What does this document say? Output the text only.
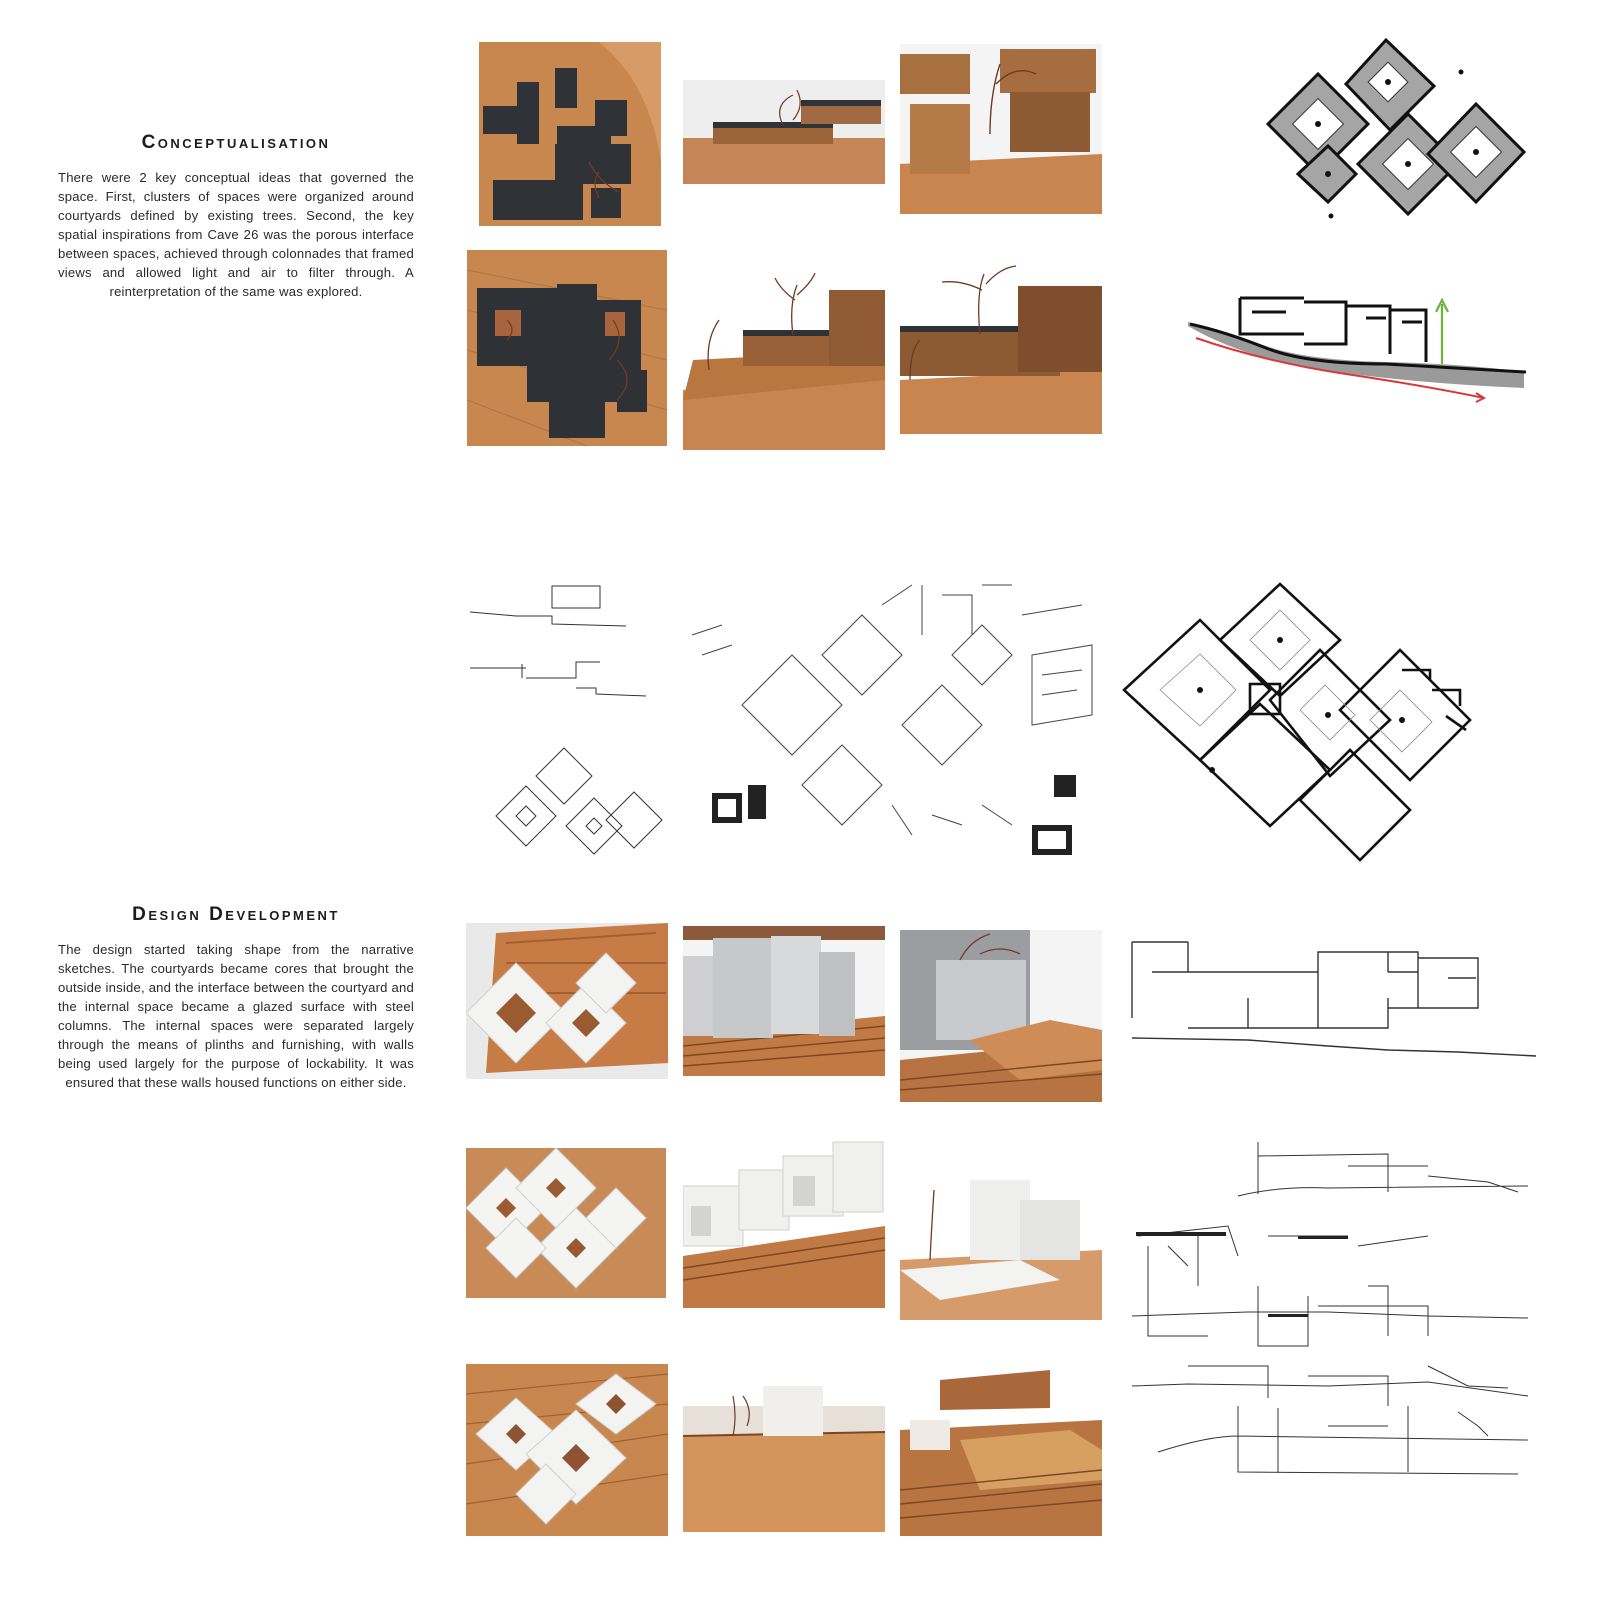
Conceptualisation

There were 2 key conceptual ideas that governed the space. First, clusters of spaces were organized around courtyards defined by existing trees. Second, the key spatial inspirations from Cave 26 was the porous interface between spaces, achieved through colonnades that framed views and allowed light and air to filter through. A reinterpretation of the same was explored.

Design Development

The design started taking shape from the narrative sketches. The courtyards became cores that brought the outside inside, and the interface between the courtyard and the internal space became a glazed surface with steel columns. The internal spaces were separated largely through the means of plinths and furnishing, with walls being used largely for the purpose of lockability. It was ensured that these walls housed functions on either side.
